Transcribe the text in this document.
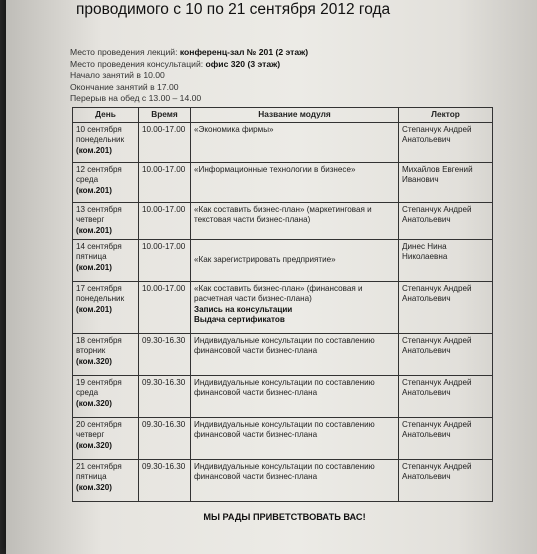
проводимого с 10 по 21 сентября 2012 года
Место проведения лекций: конференц-зал № 201 (2 этаж)
Место проведения консультаций: офис 320 (3 этаж)
Начало занятий в 10.00
Окончание занятий в 17.00
Перерыв на обед с 13.00 – 14.00
День	Время	Название модуля	Лектор

10 сентября
понедельник
(ком.201)	10.00-17.00	«Экономика фирмы»	Степанчук Андрей Анатольевич

12 сентября
среда
(ком.201)	10.00-17.00	«Информационные технологии в бизнесе»	Михайлов Евгений Иванович

13 сентября
четверг
(ком.201)	10.00-17.00	«Как составить бизнес-план» (маркетинговая и текстовая части бизнес-плана)	Степанчук Андрей Анатольевич

14 сентября
пятница
(ком.201)	10.00-17.00	«Как зарегистрировать предприятие»	Динес Нина Николаевна

17 сентября
понедельник
(ком.201)	10.00-17.00	«Как составить бизнес-план» (финансовая и расчетная части бизнес-плана)
Запись на консультации
Выдача сертификатов	Степанчук Андрей Анатольевич

18 сентября
вторник
(ком.320)	09.30-16.30	Индивидуальные консультации по составлению финансовой части бизнес-плана	Степанчук Андрей Анатольевич

19 сентября
среда
(ком.320)	09.30-16.30	Индивидуальные консультации по составлению финансовой части бизнес-плана	Степанчук Андрей Анатольевич

20 сентября
четверг
(ком.320)	09.30-16.30	Индивидуальные консультации по составлению финансовой части бизнес-плана	Степанчук Андрей Анатольевич

21 сентября
пятница
(ком.320)	09.30-16.30	Индивидуальные консультации по составлению финансовой части бизнес-плана	Степанчук Андрей Анатольевич
МЫ РАДЫ ПРИВЕТСТВОВАТЬ ВАС!
